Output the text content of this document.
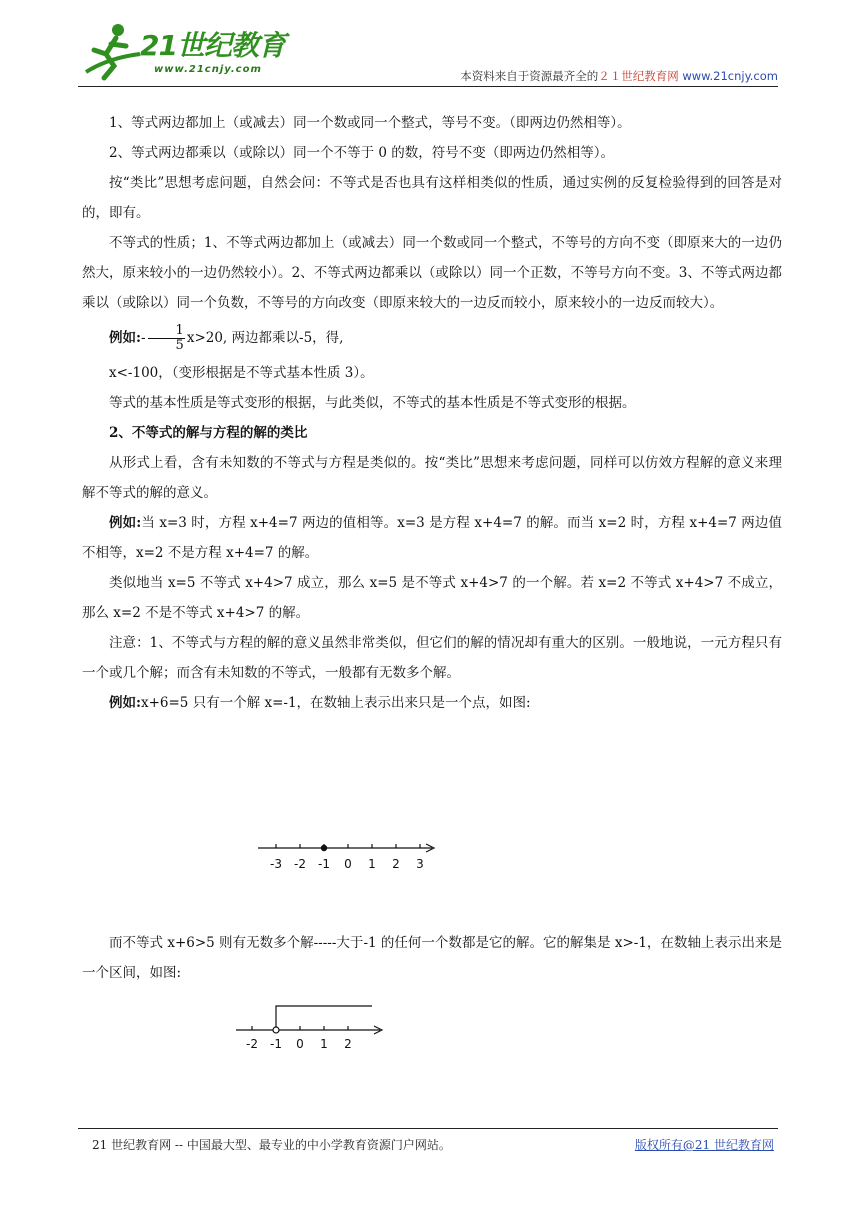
21世纪教育
www.21cnjy.com	本资料来自于资源最齐全的２１世纪教育网 www.21cnjy.com

1、等式两边都加上（或减去）同一个数或同一个整式，等号不变。（即两边仍然相等）。

2、等式两边都乘以（或除以）同一个不等于 0 的数，符号不变（即两边仍然相等）。

按“类比”思想考虑问题，自然会问：不等式是否也具有这样相类似的性质，通过实例的反复检验得到的回答是对的，即有。

不等式的性质；1、不等式两边都加上（或减去）同一个数或同一个整式，不等号的方向不变（即原来大的一边仍然大，原来较小的一边仍然较小）。2、不等式两边都乘以（或除以）同一个正数，不等号方向不变。3、不等式两边都乘以（或除以）同一个负数，不等号的方向改变（即原来较大的一边反而较小，原来较小的一边反而较大）。

例如:- $\frac{1}{5} x>20$, 两边都乘以-5，得,

x<-100，（变形根据是不等式基本性质 3）。

等式的基本性质是等式变形的根据，与此类似，不等式的基本性质是不等式变形的根据。

2、不等式的解与方程的解的类比

从形式上看，含有未知数的不等式与方程是类似的。按“类比”思想来考虑问题，同样可以仿效方程解的意义来理解不等式的解的意义。

例如:当 x=3 时，方程 x+4=7 两边的值相等。x=3 是方程 x+4=7 的解。而当 x=2 时，方程 x+4=7 两边值不相等，x=2 不是方程 x+4=7 的解。

类似地当 x=5 不等式 x+4>7 成立，那么 x=5 是不等式 x+4>7 的一个解。若 x=2 不等式 x+4>7 不成立，那么 x=2 不是不等式 x+4>7 的解。

注意：1、不等式与方程的解的意义虽然非常类似，但它们的解的情况却有重大的区别。一般地说，一元方程只有一个或几个解；而含有未知数的不等式，一般都有无数多个解。

例如:x+6=5 只有一个解 x=-1，在数轴上表示出来只是一个点，如图:

-3 -2 -1 0 1 2 3

而不等式 x+6>5 则有无数多个解-----大于-1 的任何一个数都是它的解。它的解集是 x>-1，在数轴上表示出来是一个区间，如图:

-2 -1 0 1 2
21 世纪教育网 -- 中国最大型、最专业的中小学教育资源门户网站。	版权所有@21 世纪教育网
